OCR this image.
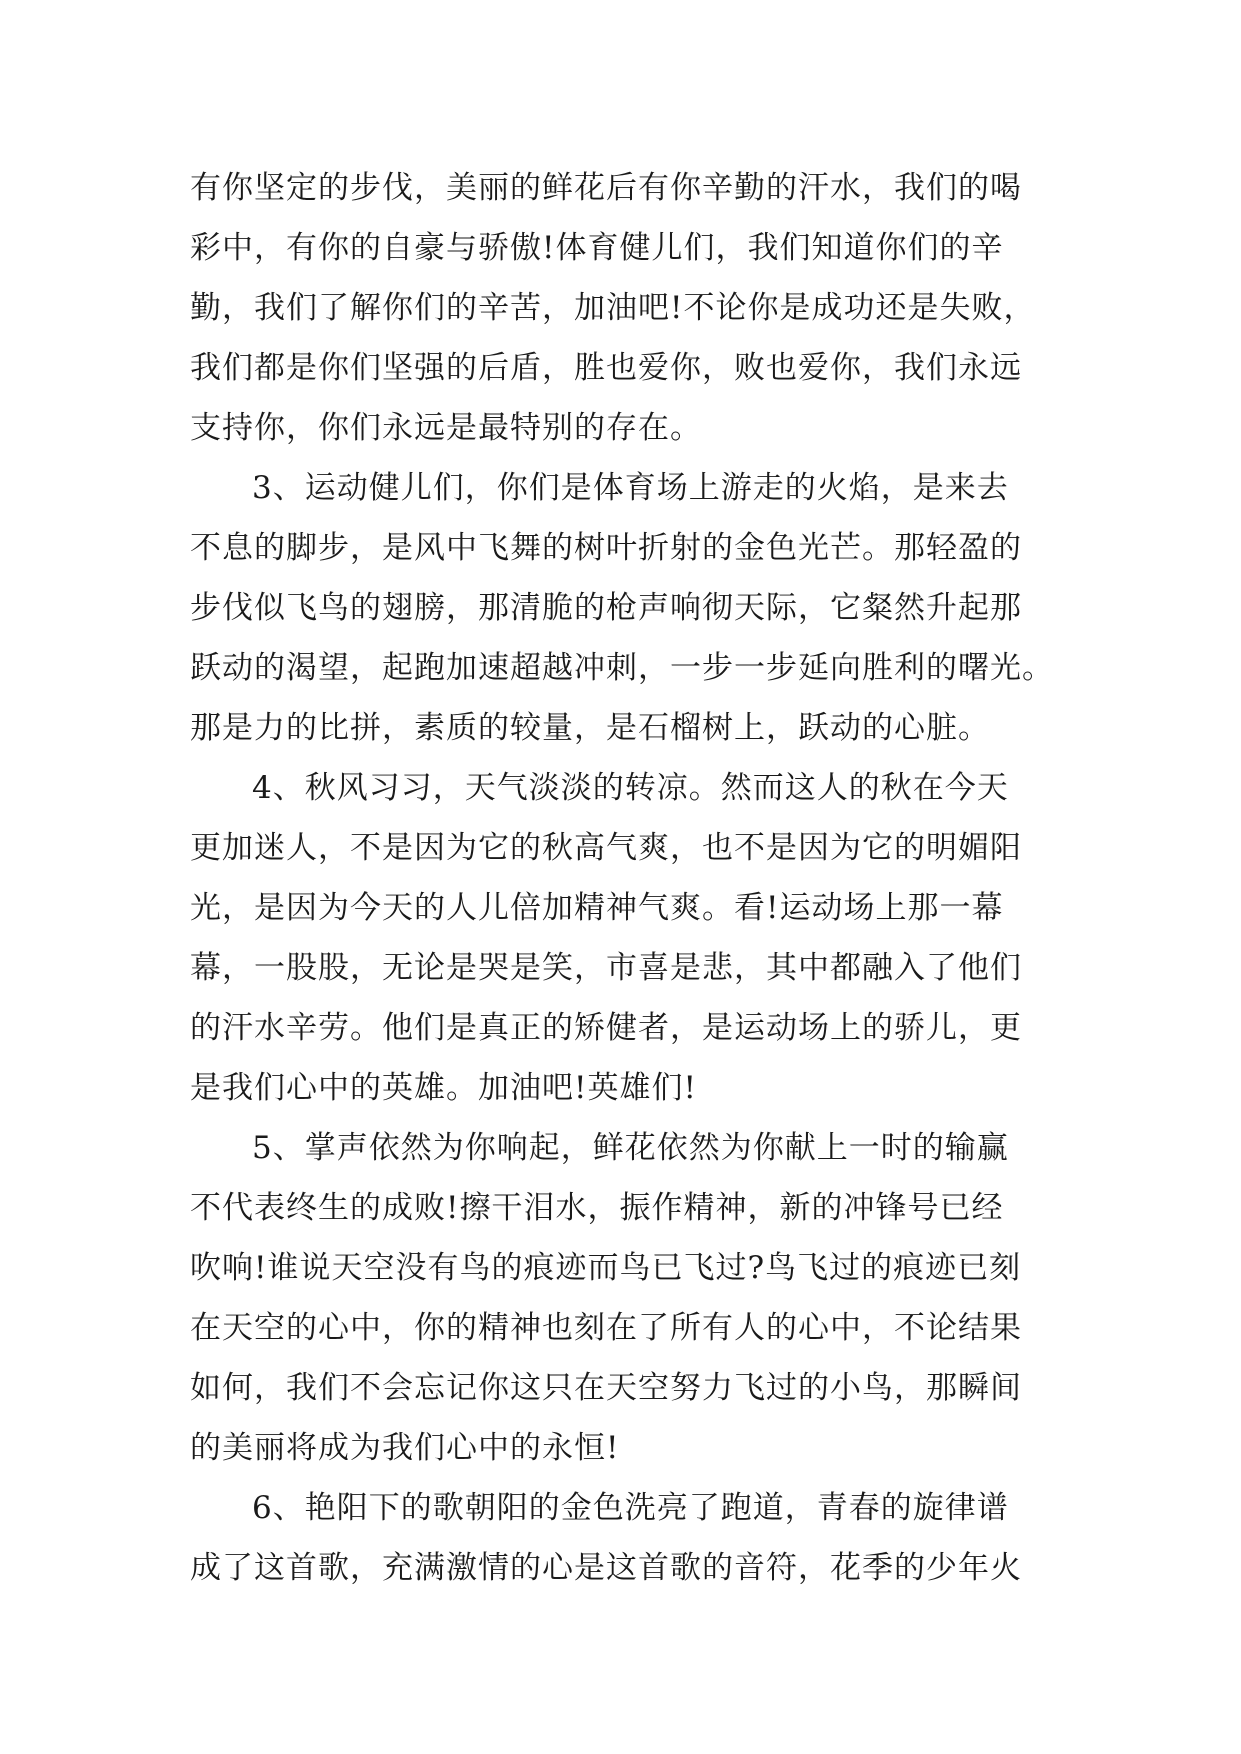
有你坚定的步伐，美丽的鲜花后有你辛勤的汗水，我们的喝
彩中，有你的自豪与骄傲!体育健儿们，我们知道你们的辛
勤，我们了解你们的辛苦，加油吧!不论你是成功还是失败，
我们都是你们坚强的后盾，胜也爱你，败也爱你，我们永远
支持你，你们永远是最特别的存在。
3、运动健儿们，你们是体育场上游走的火焰，是来去
不息的脚步，是风中飞舞的树叶折射的金色光芒。那轻盈的
步伐似飞鸟的翅膀，那清脆的枪声响彻天际，它粲然升起那
跃动的渴望，起跑加速超越冲刺，一步一步延向胜利的曙光。
那是力的比拼，素质的较量，是石榴树上，跃动的心脏。
4、秋风习习，天气淡淡的转凉。然而这人的秋在今天
更加迷人，不是因为它的秋高气爽，也不是因为它的明媚阳
光，是因为今天的人儿倍加精神气爽。看!运动场上那一幕
幕，一股股，无论是哭是笑，市喜是悲，其中都融入了他们
的汗水辛劳。他们是真正的矫健者，是运动场上的骄儿，更
是我们心中的英雄。加油吧!英雄们!
5、掌声依然为你响起，鲜花依然为你献上一时的输赢
不代表终生的成败!擦干泪水，振作精神，新的冲锋号已经
吹响!谁说天空没有鸟的痕迹而鸟已飞过?鸟飞过的痕迹已刻
在天空的心中，你的精神也刻在了所有人的心中，不论结果
如何，我们不会忘记你这只在天空努力飞过的小鸟，那瞬间
的美丽将成为我们心中的永恒!
6、艳阳下的歌朝阳的金色洗亮了跑道，青春的旋律谱
成了这首歌，充满激情的心是这首歌的音符，花季的少年火
